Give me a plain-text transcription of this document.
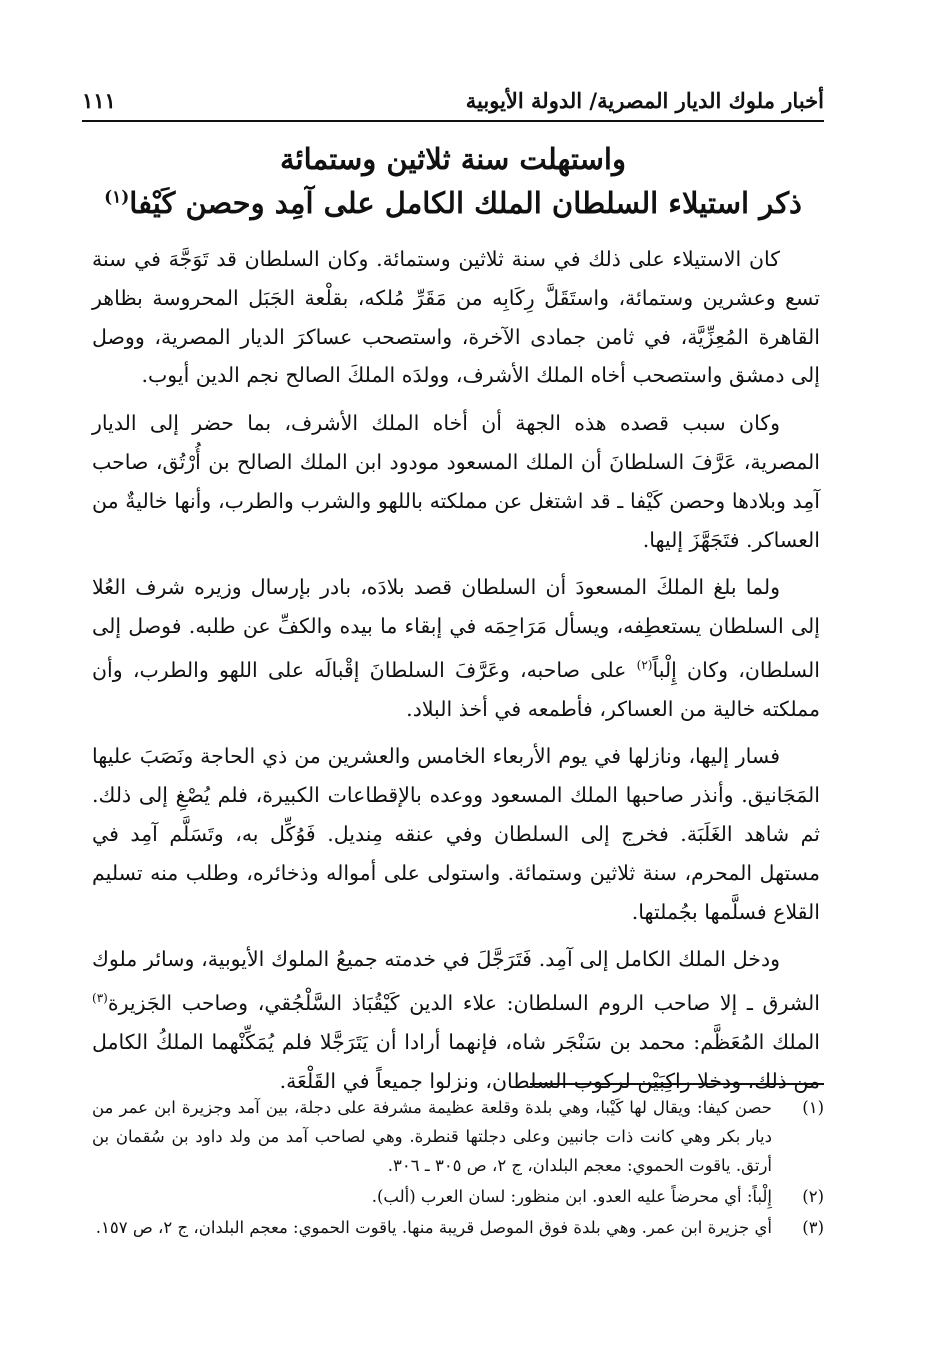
أخبار ملوك الديار المصرية/ الدولة الأيوبية
١١١
واستهلت سنة ثلاثين وستمائة
ذكر استيلاء السلطان الملك الكامل على آمِد وحصن كَيْفا$^{(١)}$

كان الاستيلاء على ذلك في سنة ثلاثين وستمائة. وكان السلطان قد تَوَجَّهَ في سنة تسع وعشرين وستمائة، واستَقَلَّ رِكَابِه من مَقَرِّ مُلكه، بقلْعة الجَبَل المحروسة بظاهر القاهرة المُعِزِّيَّة، في ثامن جمادى الآخرة، واستصحب عساكرَ الديار المصرية، ووصل إلى دمشق واستصحب أخاه الملك الأشرف، وولدَه الملكَ الصالح نجم الدين أيوب.

وكان سبب قصده هذه الجهة أن أخاه الملك الأشرف، بما حضر إلى الديار المصرية، عَرَّفَ السلطانَ أن الملك المسعود مودود ابن الملك الصالح بن أُرْتُق، صاحب آمِد وبلادها وحصن كَيْفا ـ قد اشتغل عن مملكته باللهو والشرب والطرب، وأنها خاليةٌ من العساكر. فتَجَهَّزَ إليها.

ولما بلغ الملكَ المسعودَ أن السلطان قصد بلادَه، بادر بإرسال وزيره شرف العُلا إلى السلطان يستعطِفه، ويسأل مَرَاحِمَه في إبقاء ما بيده والكفِّ عن طلبه. فوصل إلى السلطان، وكان إِلْباً$^{(٢)}$ على صاحبه، وعَرَّفَ السلطانَ إقْبالَه على اللهو والطرب، وأن مملكته خالية من العساكر، فأطمعه في أخذ البلاد.

فسار إليها، ونازلها في يوم الأربعاء الخامس والعشرين من ذي الحاجة ونَصَبَ عليها المَجَانيق. وأنذر صاحبها الملك المسعود ووعده بالإقطاعات الكبيرة، فلم يُصْغِ إلى ذلك. ثم شاهد الغَلَبَة. فخرج إلى السلطان وفي عنقه مِنديل. فَوُكِّل به، وتَسَلَّم آمِد في مستهل المحرم، سنة ثلاثين وستمائة. واستولى على أمواله وذخائره، وطلب منه تسليم القلاع فسلَّمها بجُملتها.

ودخل الملك الكامل إلى آمِد. فَتَرَجَّلَ في خدمته جميعُ الملوك الأيوبية، وسائر ملوك الشرق ـ إلا صاحب الروم السلطان: علاء الدين كَيْقُبَاذ السَّلْجُقي، وصاحب الجَزيرة$^{(٣)}$ الملك المُعَظَّم: محمد بن سَنْجَر شاه، فإنهما أرادا أن يَتَرَجَّلا فلم يُمَكِّنْهما الملكُ الكامل من ذلك، ودخلا راكِبَيْن لركوب السلطان، ونزلوا جميعاً في القَلْعَة.

(١)
حصن كيفا: ويقال لها كَيْبا، وهي بلدة وقلعة عظيمة مشرفة على دجلة، بين آمد وجزيرة ابن عمر من ديار بكر وهي كانت ذات جانبين وعلى دجلتها قنطرة. وهي لصاحب آمد من ولد داود بن سُقمان بن أرتق. ياقوت الحموي: معجم البلدان، ج ٢، ص ٣٠٥ ـ ٣٠٦.
(٢)
إِلْباً: أي محرضاً عليه العدو. ابن منظور: لسان العرب (ألب).
(٣)
أي جزيرة ابن عمر. وهي بلدة فوق الموصل قريبة منها. ياقوت الحموي: معجم البلدان، ج ٢، ص ١٥٧.
